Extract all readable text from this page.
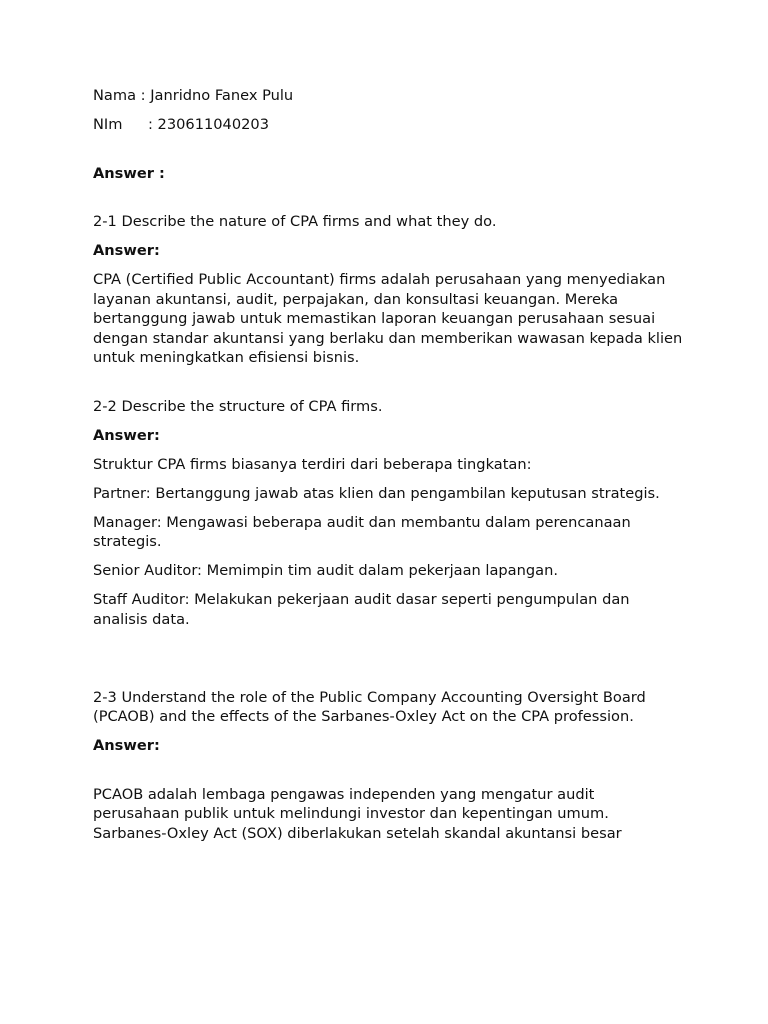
Nama : Janridno Fanex Pulu

NIm : 230611040203

Answer :

2-1 Describe the nature of CPA firms and what they do.

Answer:

CPA (Certified Public Accountant) firms adalah perusahaan yang menyediakan layanan akuntansi, audit, perpajakan, dan konsultasi keuangan. Mereka bertanggung jawab untuk memastikan laporan keuangan perusahaan sesuai dengan standar akuntansi yang berlaku dan memberikan wawasan kepada klien untuk meningkatkan efisiensi bisnis.

2-2 Describe the structure of CPA firms.

Answer:

Struktur CPA firms biasanya terdiri dari beberapa tingkatan:

Partner: Bertanggung jawab atas klien dan pengambilan keputusan strategis.

Manager: Mengawasi beberapa audit dan membantu dalam perencanaan strategis.

Senior Auditor: Memimpin tim audit dalam pekerjaan lapangan.

Staff Auditor: Melakukan pekerjaan audit dasar seperti pengumpulan dan analisis data.

2-3 Understand the role of the Public Company Accounting Oversight Board (PCAOB) and the effects of the Sarbanes-Oxley Act on the CPA profession.

Answer:

PCAOB adalah lembaga pengawas independen yang mengatur audit perusahaan publik untuk melindungi investor dan kepentingan umum. Sarbanes-Oxley Act (SOX) diberlakukan setelah skandal akuntansi besar
